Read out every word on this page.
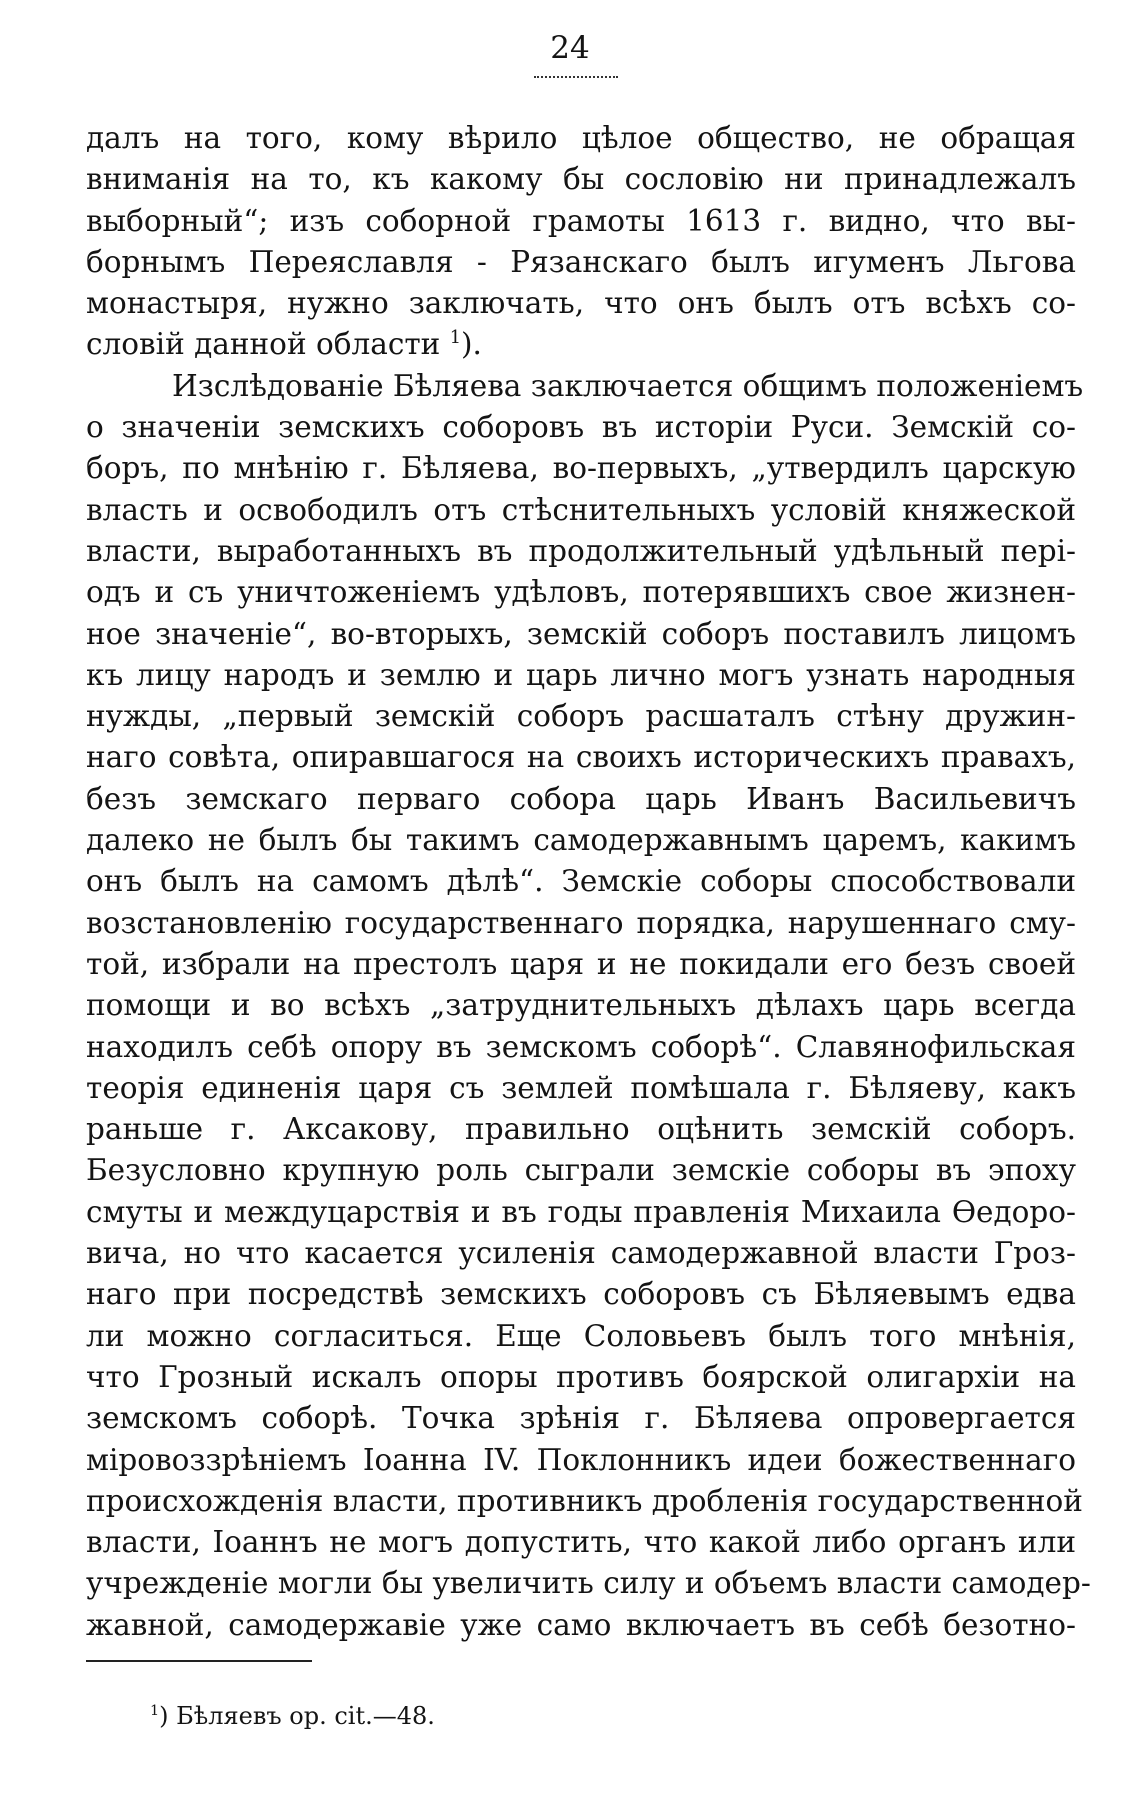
24
далъ на того, кому вѣрило цѣлое общество, не обращая
вниманія на то, къ какому бы сословію ни принадлежалъ
выборный“; изъ соборной грамоты 1613 г. видно, что вы-
борнымъ Переяславля - Рязанскаго былъ игуменъ Льгова
монастыря, нужно заключать, что онъ былъ отъ всѣхъ со-
словій данной области $^1$).
Изслѣдованіе Бѣляева заключается общимъ положеніемъ
о значеніи земскихъ соборовъ въ исторіи Руси. Земскій со-
боръ, по мнѣнію г. Бѣляева, во-первыхъ, „утвердилъ царскую
власть и освободилъ отъ стѣснительныхъ условій княжеской
власти, выработанныхъ въ продолжительный удѣльный пері-
одъ и съ уничтоженіемъ удѣловъ, потерявшихъ свое жизнен-
ное значеніе“, во-вторыхъ, земскій соборъ поставилъ лицомъ
къ лицу народъ и землю и царь лично могъ узнать народныя
нужды, „первый земскій соборъ расшаталъ стѣну дружин-
наго совѣта, опиравшагося на своихъ историческихъ правахъ,
безъ земскаго перваго собора царь Иванъ Васильевичъ
далеко не былъ бы такимъ самодержавнымъ царемъ, какимъ
онъ былъ на самомъ дѣлѣ“. Земскіе соборы способствовали
возстановленію государственнаго порядка, нарушеннаго сму-
той, избрали на престолъ царя и не покидали его безъ своей
помощи и во всѣхъ „затруднительныхъ дѣлахъ царь всегда
находилъ себѣ опору въ земскомъ соборѣ“. Славянофильская
теорія единенія царя съ землей помѣшала г. Бѣляеву, какъ
раньше г. Аксакову, правильно оцѣнить земскій соборъ.
Безусловно крупную роль сыграли земскіе соборы въ эпоху
смуты и междуцарствія и въ годы правленія Михаила Ѳедоро-
вича, но что касается усиленія самодержавной власти Гроз-
наго при посредствѣ земскихъ соборовъ съ Бѣляевымъ едва
ли можно согласиться. Еще Соловьевъ былъ того мнѣнія,
что Грозный искалъ опоры противъ боярской олигархіи на
земскомъ соборѣ. Точка зрѣнія г. Бѣляева опровергается
міровоззрѣніемъ Іоанна IV. Поклонникъ идеи божественнаго
происхожденія власти, противникъ дробленія государственной
власти, Іоаннъ не могъ допустить, что какой либо органъ или
учрежденіе могли бы увеличить силу и объемъ власти самодер-
жавной, самодержавіе уже само включаетъ въ себѣ безотно-
$^1$) Бѣляевъ op. cit.—48.
